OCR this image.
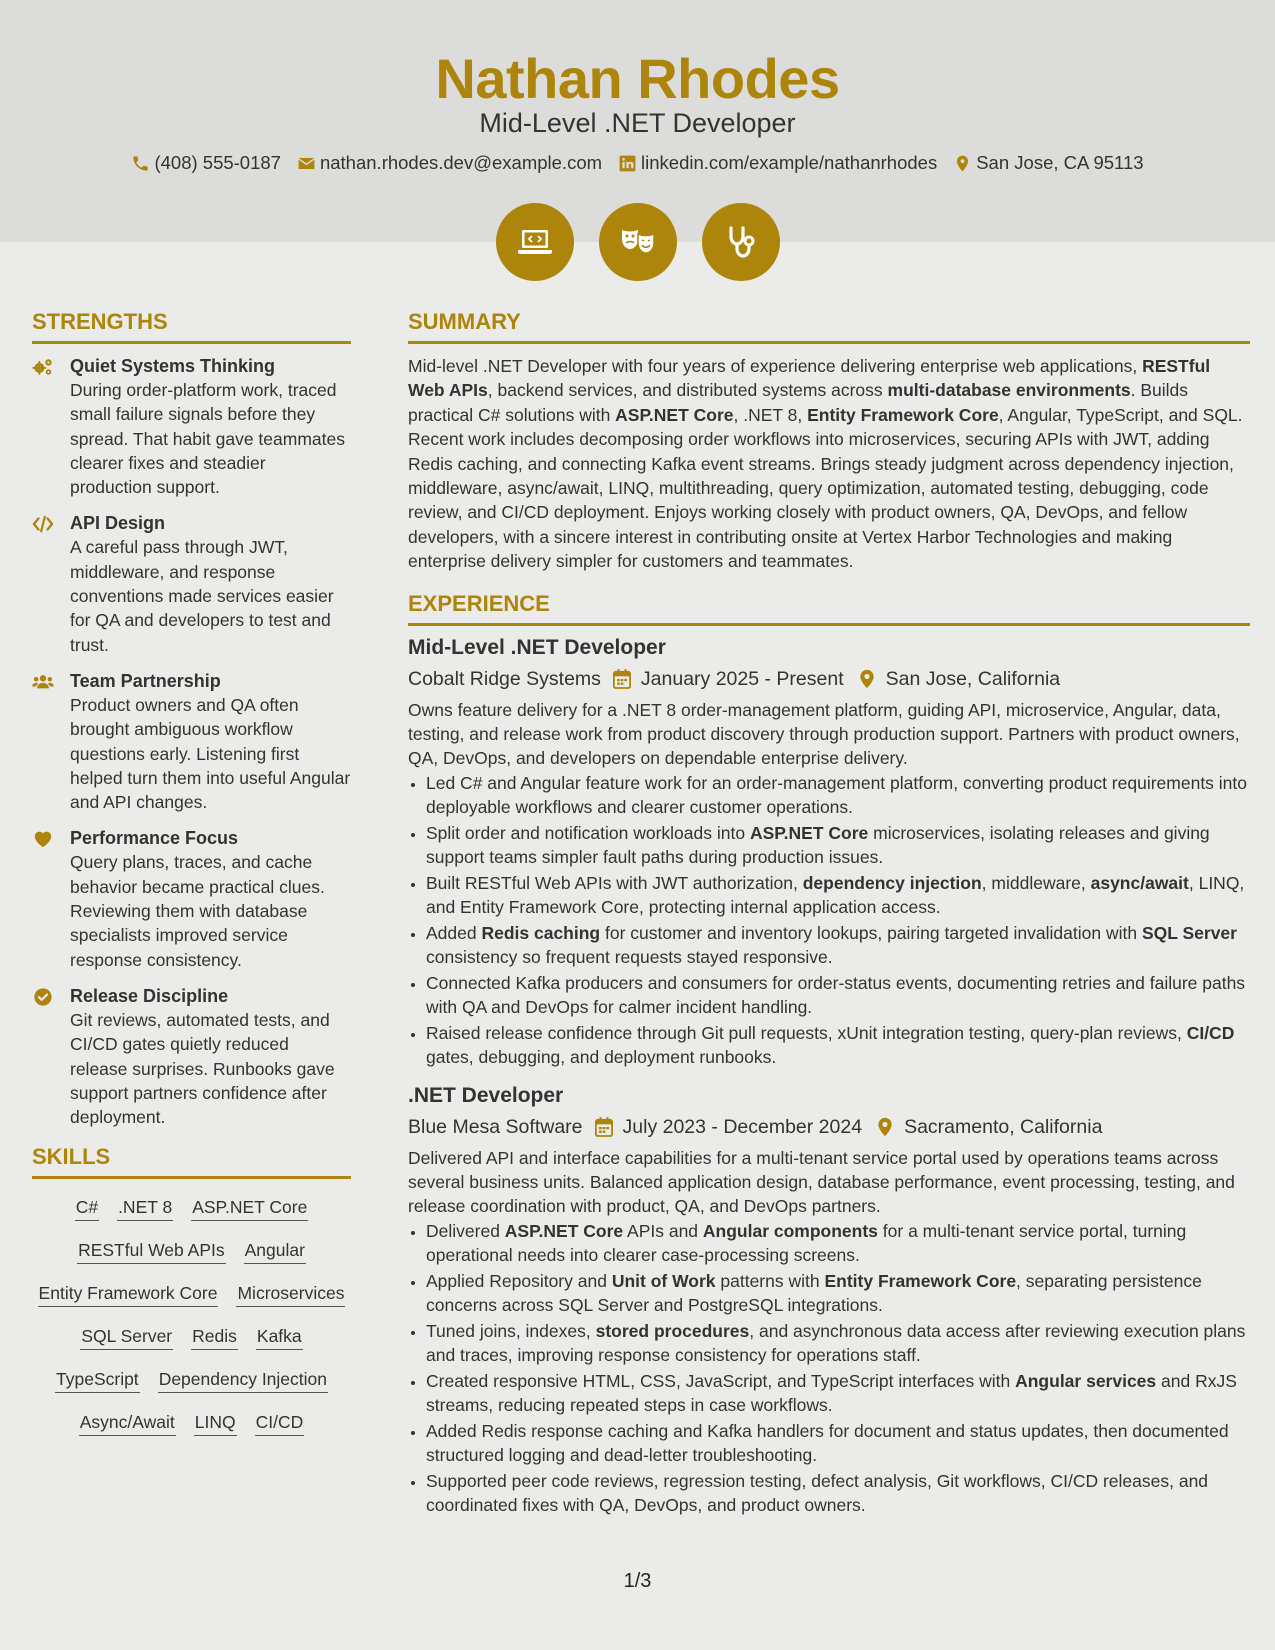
Nathan Rhodes
Mid-Level .NET Developer
(408) 555-0187 nathan.rhodes.dev@example.com linkedin.com/example/nathanrhodes San Jose, CA 95113
STRENGTHS
Quiet Systems Thinking
During order-platform work, traced small failure signals before they spread. That habit gave teammates clearer fixes and steadier production support.
API Design
A careful pass through JWT, middleware, and response conventions made services easier for QA and developers to test and trust.
Team Partnership
Product owners and QA often brought ambiguous workflow questions early. Listening first helped turn them into useful Angular and API changes.
Performance Focus
Query plans, traces, and cache behavior became practical clues. Reviewing them with database specialists improved service response consistency.
Release Discipline
Git reviews, automated tests, and CI/CD gates quietly reduced release surprises. Runbooks gave support partners confidence after deployment.
SKILLS
C# .NET 8 ASP.NET Core
RESTful Web APIs Angular
Entity Framework Core Microservices
SQL Server Redis Kafka
TypeScript Dependency Injection
Async/Await LINQ CI/CD
SUMMARY
Mid-level .NET Developer with four years of experience delivering enterprise web applications, RESTful Web APIs, backend services, and distributed systems across multi-database environments. Builds practical C# solutions with ASP.NET Core, .NET 8, Entity Framework Core, Angular, TypeScript, and SQL. Recent work includes decomposing order workflows into microservices, securing APIs with JWT, adding Redis caching, and connecting Kafka event streams. Brings steady judgment across dependency injection, middleware, async/await, LINQ, multithreading, query optimization, automated testing, debugging, code review, and CI/CD deployment. Enjoys working closely with product owners, QA, DevOps, and fellow developers, with a sincere interest in contributing onsite at Vertex Harbor Technologies and making enterprise delivery simpler for customers and teammates.
EXPERIENCE
Mid-Level .NET Developer
Cobalt Ridge Systems January 2025 - Present San Jose, California
Owns feature delivery for a .NET 8 order-management platform, guiding API, microservice, Angular, data, testing, and release work from product discovery through production support. Partners with product owners, QA, DevOps, and developers on dependable enterprise delivery.
• Led C# and Angular feature work for an order-management platform, converting product requirements into deployable workflows and clearer customer operations.
• Split order and notification workloads into ASP.NET Core microservices, isolating releases and giving support teams simpler fault paths during production issues.
• Built RESTful Web APIs with JWT authorization, dependency injection, middleware, async/await, LINQ, and Entity Framework Core, protecting internal application access.
• Added Redis caching for customer and inventory lookups, pairing targeted invalidation with SQL Server consistency so frequent requests stayed responsive.
• Connected Kafka producers and consumers for order-status events, documenting retries and failure paths with QA and DevOps for calmer incident handling.
• Raised release confidence through Git pull requests, xUnit integration testing, query-plan reviews, CI/CD gates, debugging, and deployment runbooks.
.NET Developer
Blue Mesa Software July 2023 - December 2024 Sacramento, California
Delivered API and interface capabilities for a multi-tenant service portal used by operations teams across several business units. Balanced application design, database performance, event processing, testing, and release coordination with product, QA, and DevOps partners.
• Delivered ASP.NET Core APIs and Angular components for a multi-tenant service portal, turning operational needs into clearer case-processing screens.
• Applied Repository and Unit of Work patterns with Entity Framework Core, separating persistence concerns across SQL Server and PostgreSQL integrations.
• Tuned joins, indexes, stored procedures, and asynchronous data access after reviewing execution plans and traces, improving response consistency for operations staff.
• Created responsive HTML, CSS, JavaScript, and TypeScript interfaces with Angular services and RxJS streams, reducing repeated steps in case workflows.
• Added Redis response caching and Kafka handlers for document and status updates, then documented structured logging and dead-letter troubleshooting.
• Supported peer code reviews, regression testing, defect analysis, Git workflows, CI/CD releases, and coordinated fixes with QA, DevOps, and product owners.
1/3
